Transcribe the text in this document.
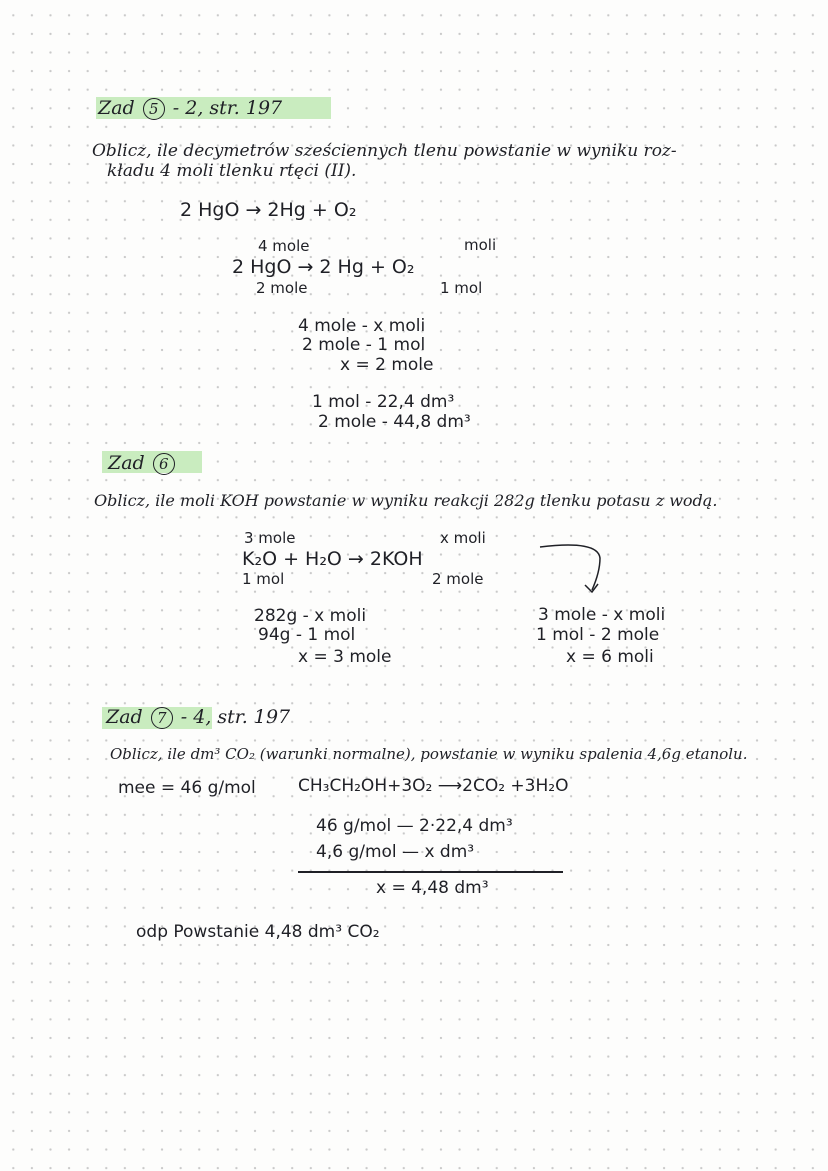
Zad 5 - 2, str. 197
Oblicz, ile decymetrów sześciennych tlenu powstanie w wyniku roz-
kładu 4 moli tlenku rtęci (II).
2 HgO → 2Hg + O₂
4 mole	moli
2 HgO → 2 Hg + O₂
2 mole	1 mol
4 mole - x moli
2 mole - 1 mol
x = 2 mole
1 mol - 22,4 dm³
2 mole - 44,8 dm³
Zad 6
Oblicz, ile moli KOH powstanie w wyniku reakcji 282g tlenku potasu z wodą.
3 mole	x moli
K₂O + H₂O → 2KOH
1 mol	2 mole
282g - x moli
94g - 1 mol
x = 3 mole
3 mole - x moli
1 mol - 2 mole
x = 6 moli
Zad 7 - 4, str. 197
Oblicz, ile dm³ CO₂ (warunki normalne), powstanie w wyniku spalenia 4,6g etanolu.
mee = 46 g/mol CH₃CH₂OH+3O₂ ⟶2CO₂ +3H₂O
46 g/mol — 2·22,4 dm³
4,6 g/mol — x dm³
x = 4,48 dm³
odp Powstanie 4,48 dm³ CO₂
